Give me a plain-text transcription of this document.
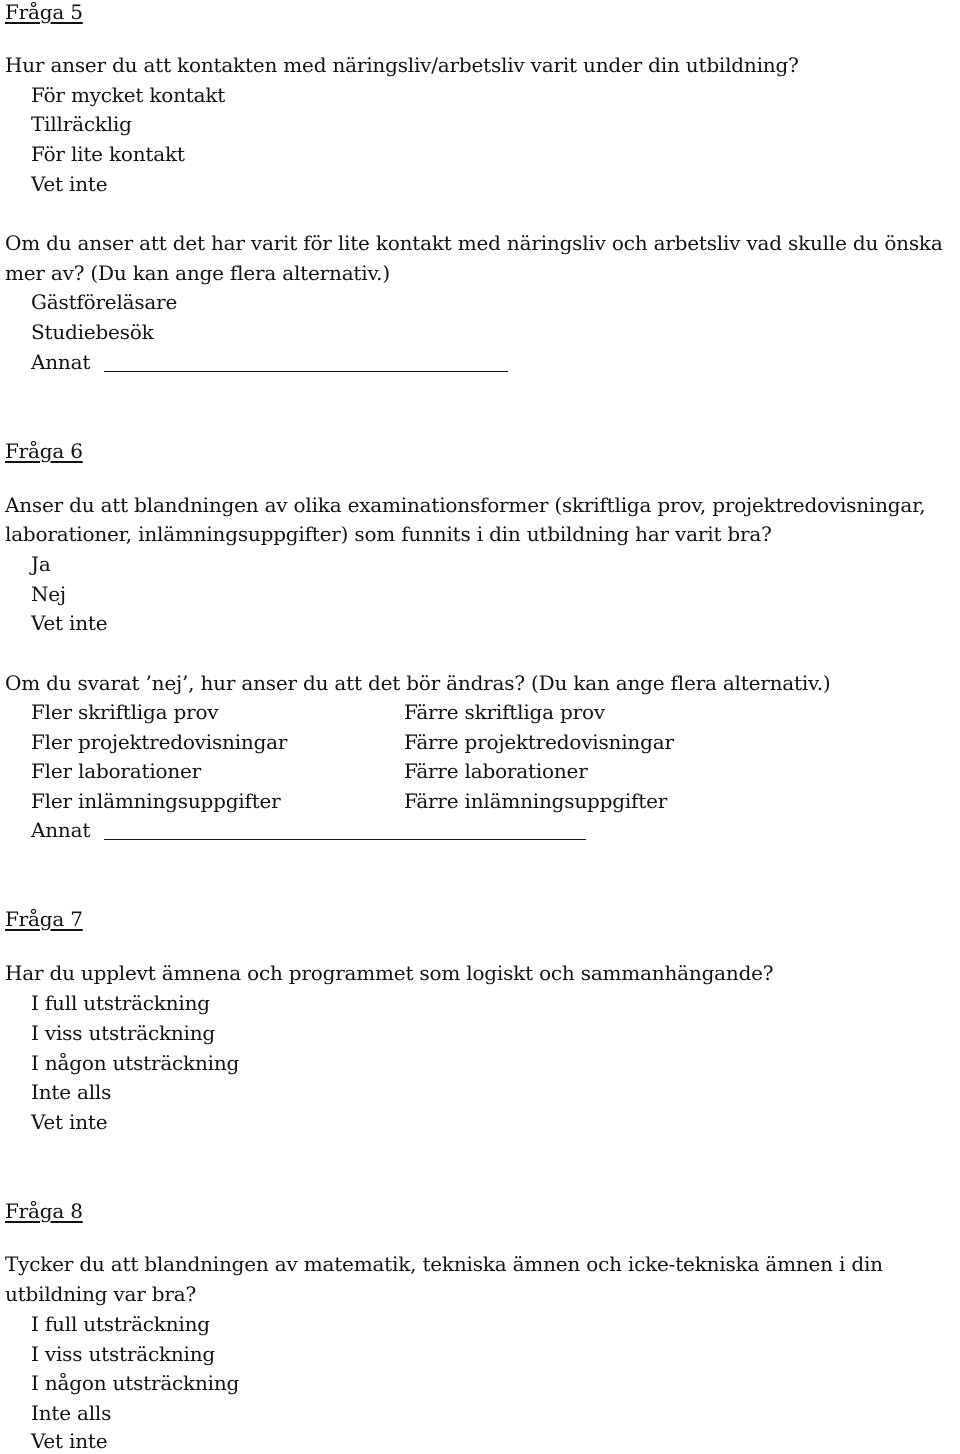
Fråga 5
Hur anser du att kontakten med näringsliv/arbetsliv varit under din utbildning?
För mycket kontakt
Tillräcklig
För lite kontakt
Vet inte
Om du anser att det har varit för lite kontakt med näringsliv och arbetsliv vad skulle du önska
mer av? (Du kan ange flera alternativ.)
Gästföreläsare
Studiebesök
Annat
Fråga 6
Anser du att blandningen av olika examinationsformer (skriftliga prov, projektredovisningar,
laborationer, inlämningsuppgifter) som funnits i din utbildning har varit bra?
Ja
Nej
Vet inte
Om du svarat ’nej’, hur anser du att det bör ändras? (Du kan ange flera alternativ.)
Fler skriftliga prov	Färre skriftliga prov
Fler projektredovisningar	Färre projektredovisningar
Fler laborationer	Färre laborationer
Fler inlämningsuppgifter	Färre inlämningsuppgifter
Annat
Fråga 7
Har du upplevt ämnena och programmet som logiskt och sammanhängande?
I full utsträckning
I viss utsträckning
I någon utsträckning
Inte alls
Vet inte
Fråga 8
Tycker du att blandningen av matematik, tekniska ämnen och icke-tekniska ämnen i din
utbildning var bra?
I full utsträckning
I viss utsträckning
I någon utsträckning
Inte alls
Vet inte
